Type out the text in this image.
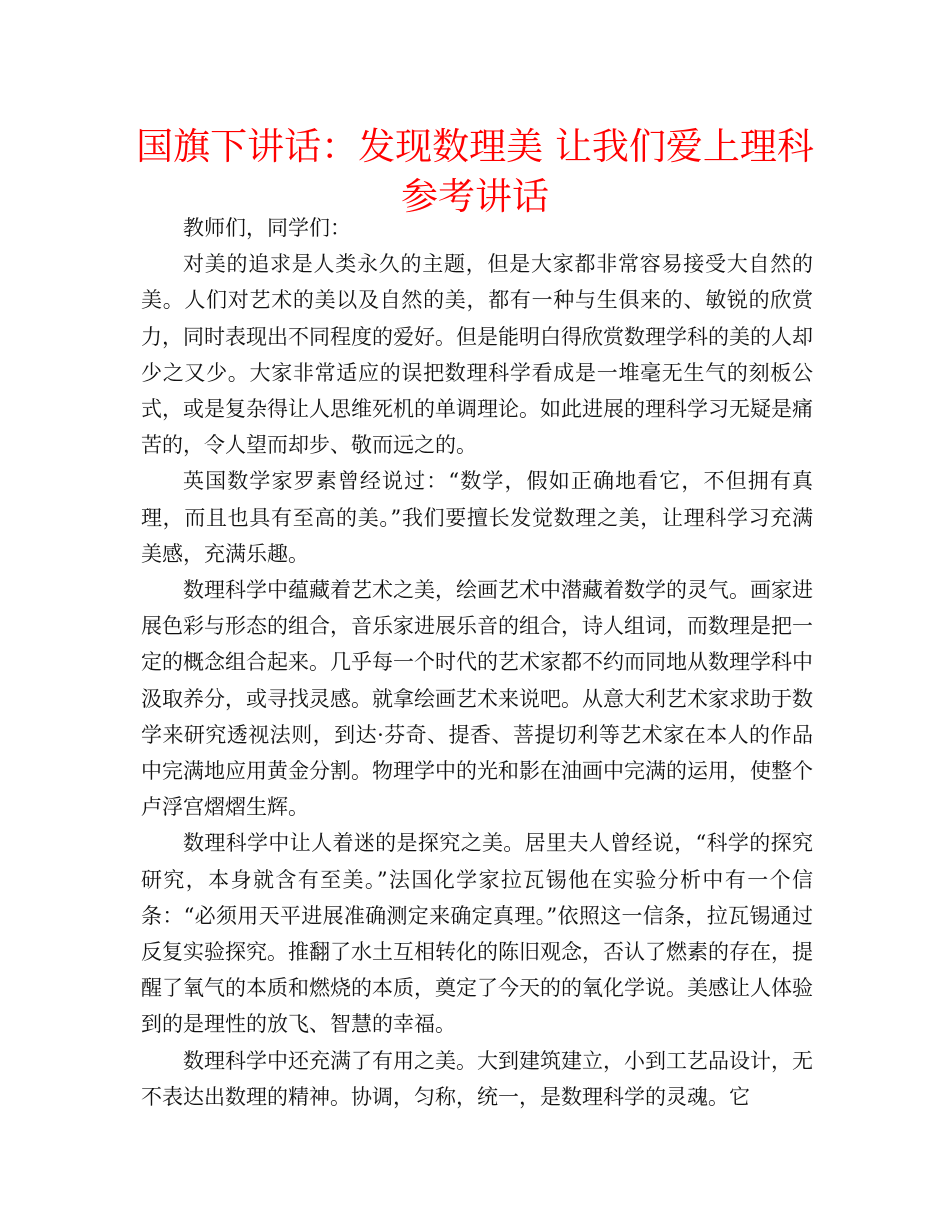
国旗下讲话：发现数理美 让我们爱上理科
参考讲话

教师们，同学们：

对美的追求是人类永久的主题，但是大家都非常容易接受大自然的美。人们对艺术的美以及自然的美，都有一种与生俱来的、敏锐的欣赏力，同时表现出不同程度的爱好。但是能明白得欣赏数理学科的美的人却少之又少。大家非常适应的误把数理科学看成是一堆毫无生气的刻板公式，或是复杂得让人思维死机的单调理论。如此进展的理科学习无疑是痛苦的，令人望而却步、敬而远之的。

英国数学家罗素曾经说过：“数学，假如正确地看它，不但拥有真理，而且也具有至高的美。”我们要擅长发觉数理之美，让理科学习充满美感，充满乐趣。

数理科学中蕴藏着艺术之美，绘画艺术中潜藏着数学的灵气。画家进展色彩与形态的组合，音乐家进展乐音的组合，诗人组词，而数理是把一定的概念组合起来。几乎每一个时代的艺术家都不约而同地从数理学科中汲取养分，或寻找灵感。就拿绘画艺术来说吧。从意大利艺术家求助于数学来研究透视法则，到达·芬奇、提香、菩提切利等艺术家在本人的作品中完满地应用黄金分割。物理学中的光和影在油画中完满的运用，使整个卢浮宫熠熠生辉。

数理科学中让人着迷的是探究之美。居里夫人曾经说，“科学的探究研究，本身就含有至美。”法国化学家拉瓦锡他在实验分析中有一个信条：“必须用天平进展准确测定来确定真理。”依照这一信条，拉瓦锡通过反复实验探究。推翻了水土互相转化的陈旧观念，否认了燃素的存在，提醒了氧气的本质和燃烧的本质，奠定了今天的的氧化学说。美感让人体验到的是理性的放飞、智慧的幸福。

数理科学中还充满了有用之美。大到建筑建立，小到工艺品设计，无不表达出数理的精神。协调，匀称，统一，是数理科学的灵魂。它
